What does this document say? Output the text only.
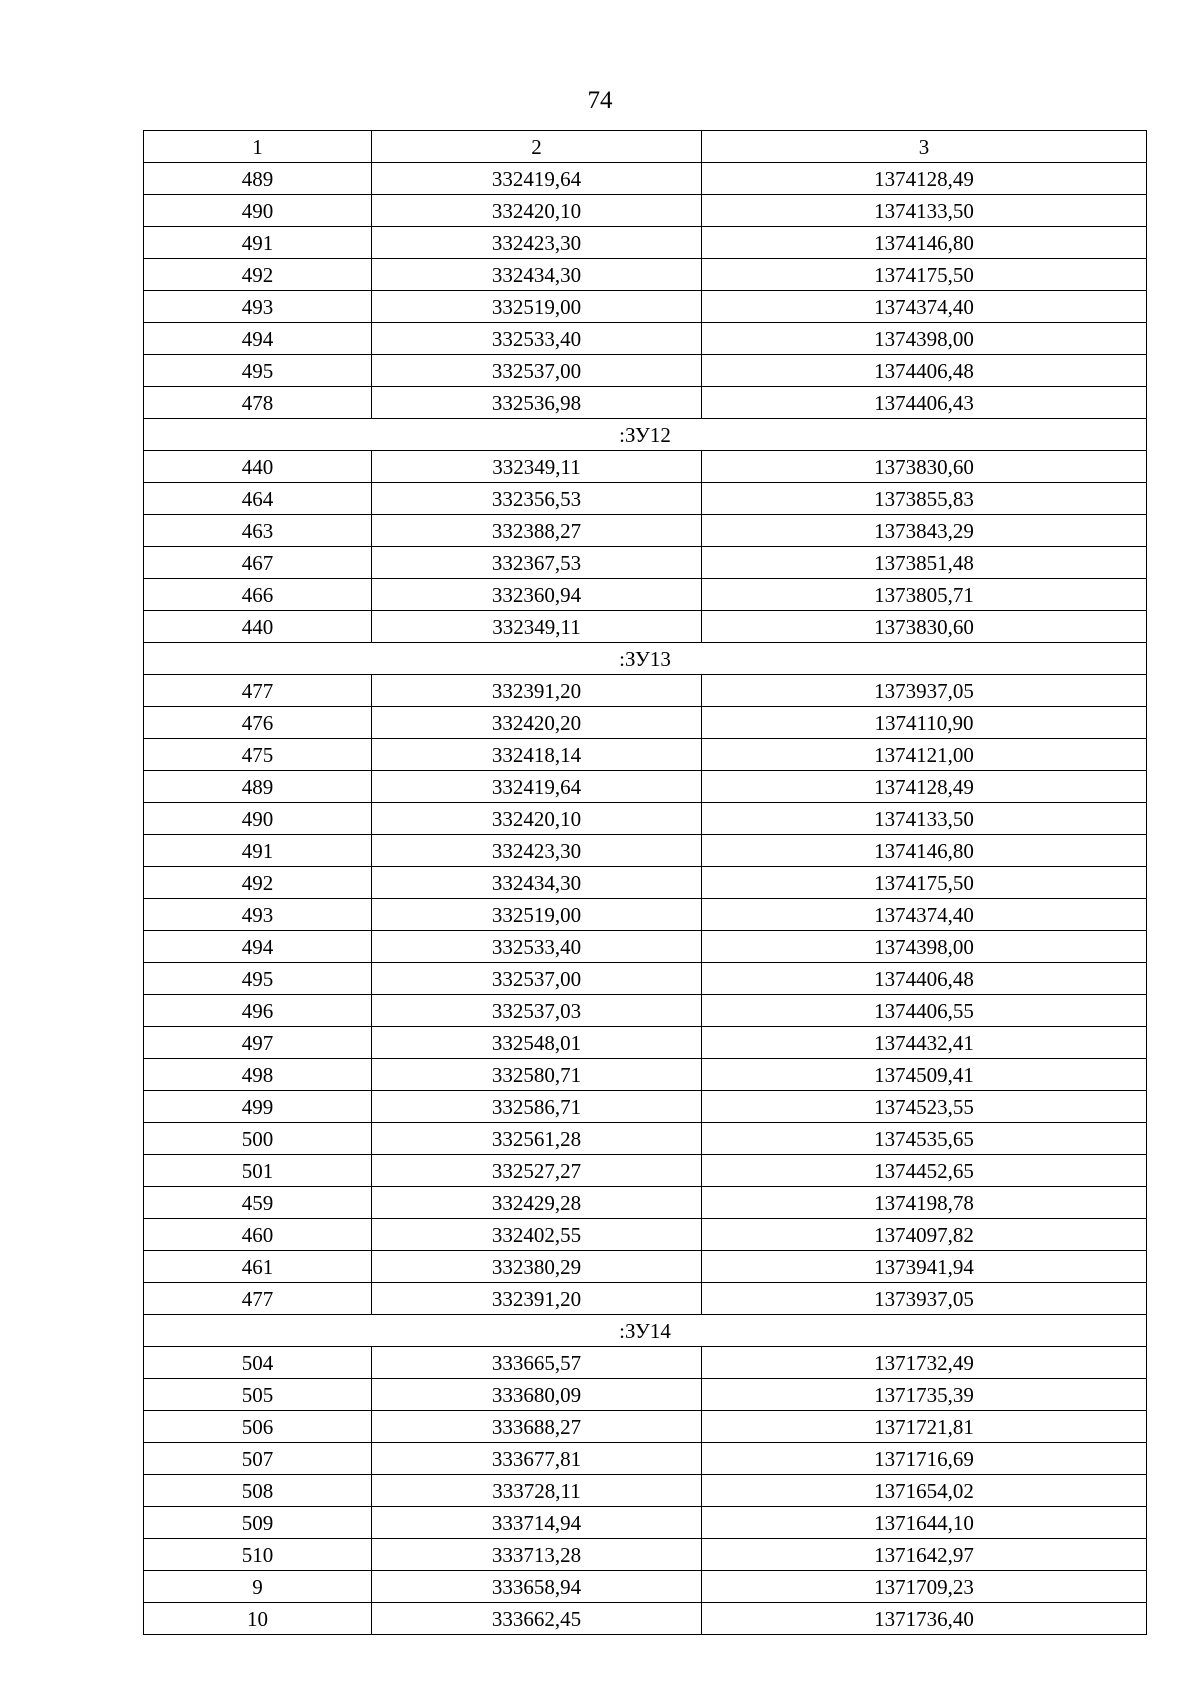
74
1	2	3
489	332419,64	1374128,49
490	332420,10	1374133,50
491	332423,30	1374146,80
492	332434,30	1374175,50
493	332519,00	1374374,40
494	332533,40	1374398,00
495	332537,00	1374406,48
478	332536,98	1374406,43
:ЗУ12		
440	332349,11	1373830,60
464	332356,53	1373855,83
463	332388,27	1373843,29
467	332367,53	1373851,48
466	332360,94	1373805,71
440	332349,11	1373830,60
:ЗУ13		
477	332391,20	1373937,05
476	332420,20	1374110,90
475	332418,14	1374121,00
489	332419,64	1374128,49
490	332420,10	1374133,50
491	332423,30	1374146,80
492	332434,30	1374175,50
493	332519,00	1374374,40
494	332533,40	1374398,00
495	332537,00	1374406,48
496	332537,03	1374406,55
497	332548,01	1374432,41
498	332580,71	1374509,41
499	332586,71	1374523,55
500	332561,28	1374535,65
501	332527,27	1374452,65
459	332429,28	1374198,78
460	332402,55	1374097,82
461	332380,29	1373941,94
477	332391,20	1373937,05
:ЗУ14		
504	333665,57	1371732,49
505	333680,09	1371735,39
506	333688,27	1371721,81
507	333677,81	1371716,69
508	333728,11	1371654,02
509	333714,94	1371644,10
510	333713,28	1371642,97
9	333658,94	1371709,23
10	333662,45	1371736,40
